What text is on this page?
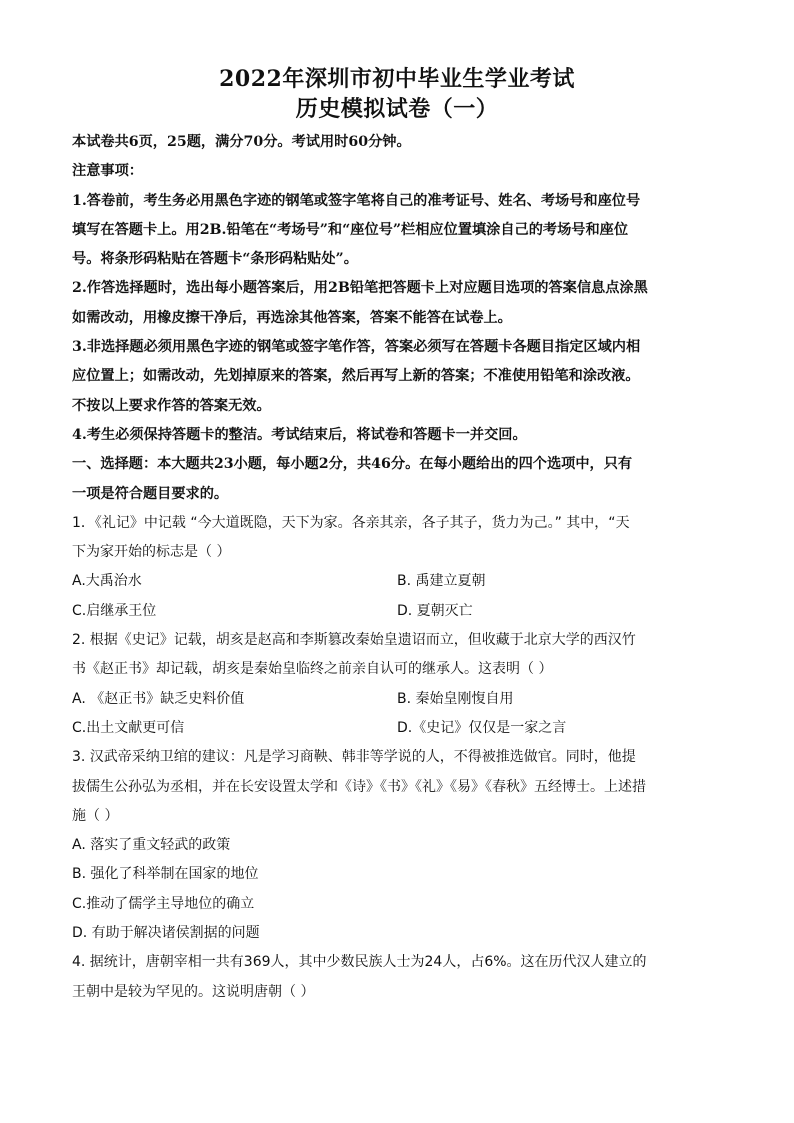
2022年深圳市初中毕业生学业考试
历史模拟试卷（一）

本试卷共6页，25题，满分70分。考试用时60分钟。

注意事项：

1.答卷前，考生务必用黑色字迹的钢笔或签字笔将自己的准考证号、姓名、考场号和座位号

填写在答题卡上。用2B.铅笔在“考场号”和“座位号”栏相应位置填涂自己的考场号和座位

号。将条形码粘贴在答题卡“条形码粘贴处”。

2.作答选择题时，选出每小题答案后，用2B铅笔把答题卡上对应题目选项的答案信息点涂黑

如需改动，用橡皮擦干净后，再选涂其他答案，答案不能答在试卷上。

3.非选择题必须用黑色字迹的钢笔或签字笔作答，答案必须写在答题卡各题目指定区域内相

应位置上；如需改动，先划掉原来的答案，然后再写上新的答案；不准使用铅笔和涂改液。

不按以上要求作答的答案无效。

4.考生必须保持答题卡的整洁。考试结束后，将试卷和答题卡一并交回。

一、选择题：本大题共23小题，每小题2分，共46分。在每小题给出的四个选项中，只有

一项是符合题目要求的。

1．《礼记》中记载 “今大道既隐，天下为家。各亲其亲，各子其子，货力为己。” 其中，“天

下为家开始的标志是（ ）

A.大禹治水	B. 禹建立夏朝
C.启继承王位	D. 夏朝灭亡

2. 根据《史记》记载，胡亥是赵高和李斯篡改秦始皇遗诏而立，但收藏于北京大学的西汉竹

书《赵正书》却记载，胡亥是秦始皇临终之前亲自认可的继承人。这表明（ ）

A. 《赵正书》缺乏史料价值	B. 秦始皇刚愎自用
C.出土文献更可信	D.《史记》仅仅是一家之言

3. 汉武帝采纳卫绾的建议：凡是学习商鞅、韩非等学说的人，不得被推选做官。同时，他提

拔儒生公孙弘为丞相，并在长安设置太学和《诗》《书》《礼》《易》《春秋》五经博士。上述措

施（ ）

A. 落实了重文轻武的政策

B. 强化了科举制在国家的地位

C.推动了儒学主导地位的确立

D. 有助于解决诸侯割据的问题

4. 据统计，唐朝宰相一共有369人，其中少数民族人士为24人，占6%。这在历代汉人建立的

王朝中是较为罕见的。这说明唐朝（ ）
